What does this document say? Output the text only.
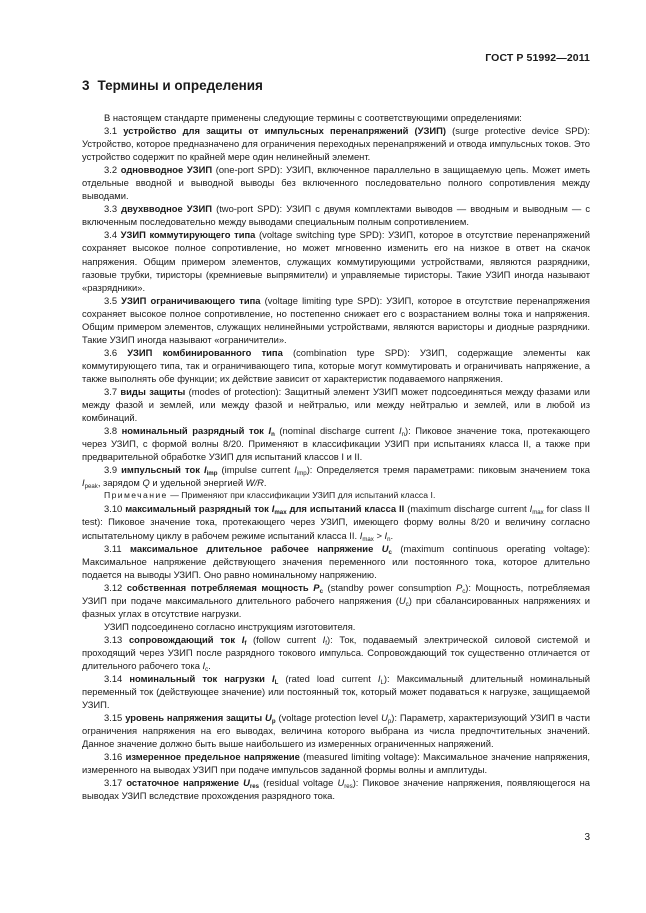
ГОСТ Р 51992—2011
3 Термины и определения

В настоящем стандарте применены следующие термины с соответствующими определениями:

3.1 устройство для защиты от импульсных перенапряжений (УЗИП) (surge protective device SPD): Устройство, которое предназначено для ограничения переходных перенапряжений и отвода импульсных токов. Это устройство содержит по крайней мере один нелинейный элемент.

3.2 одновводное УЗИП (one-port SPD): УЗИП, включенное параллельно в защищаемую цепь. Может иметь отдельные вводной и выводной выводы без включенного последовательно полного сопротивления между выводами.

3.3 двухвводное УЗИП (two-port SPD): УЗИП с двумя комплектами выводов — вводным и выводным — с включенным последовательно между выводами специальным полным сопротивлением.

3.4 УЗИП коммутирующего типа (voltage switching type SPD): УЗИП, которое в отсутствие перенапряжений сохраняет высокое полное сопротивление, но может мгновенно изменить его на низкое в ответ на скачок напряжения. Общим примером элементов, служащих коммутирующими устройствами, являются разрядники, газовые трубки, тиристоры (кремниевые выпрямители) и управляемые тиристоры. Такие УЗИП иногда называют «разрядники».

3.5 УЗИП ограничивающего типа (voltage limiting type SPD): УЗИП, которое в отсутствие перенапряжения сохраняет высокое полное сопротивление, но постепенно снижает его с возрастанием волны тока и напряжения. Общим примером элементов, служащих нелинейными устройствами, являются варисторы и диодные разрядники. Такие УЗИП иногда называют «ограничители».

3.6 УЗИП комбинированного типа (combination type SPD): УЗИП, содержащие элементы как коммутирующего типа, так и ограничивающего типа, которые могут коммутировать и ограничивать напряжение, а также выполнять обе функции; их действие зависит от характеристик подаваемого напряжения.

3.7 виды защиты (modes of protection): Защитный элемент УЗИП может подсоединяться между фазами или между фазой и землей, или между фазой и нейтралью, или между нейтралью и землей, или в любой из комбинаций.

3.8 номинальный разрядный ток $I_n$ (nominal discharge current $I_n$): Пиковое значение тока, протекающего через УЗИП, с формой волны 8/20. Применяют в классификации УЗИП при испытаниях класса II, а также при предварительной обработке УЗИП для испытаний классов I и II.

3.9 импульсный ток $I_{imp}$ (impulse current $I_{imp}$): Определяется тремя параметрами: пиковым значением тока $I_{peak}$, зарядом Q и удельной энергией W/R.

Примечание — Применяют при классификации УЗИП для испытаний класса I.

3.10 максимальный разрядный ток $I_{max}$ для испытаний класса II (maximum discharge current $I_{max}$ for class II test): Пиковое значение тока, протекающего через УЗИП, имеющего форму волны 8/20 и величину согласно испытательному циклу в рабочем режиме испытаний класса II. $I_{max} > I_n$.

3.11 максимальное длительное рабочее напряжение $U_c$ (maximum continuous operating voltage): Максимальное напряжение действующего значения переменного или постоянного тока, которое длительно подается на выводы УЗИП. Оно равно номинальному напряжению.

3.12 собственная потребляемая мощность $P_c$ (standby power consumption $P_c$): Мощность, потребляемая УЗИП при подаче максимального длительного рабочего напряжения $(U_c)$ при сбалансированных напряжениях и фазных углах в отсутствие нагрузки.

УЗИП подсоединено согласно инструкциям изготовителя.

3.13 сопровождающий ток $I_f$ (follow current $I_f$): Ток, подаваемый электрической силовой системой и проходящий через УЗИП после разрядного токового импульса. Сопровождающий ток существенно отличается от длительного рабочего тока $I_c$.

3.14 номинальный ток нагрузки $I_L$ (rated load current $I_L$): Максимальный длительный номинальный переменный ток (действующее значение) или постоянный ток, который может подаваться к нагрузке, защищаемой УЗИП.

3.15 уровень напряжения защиты $U_p$ (voltage protection level $U_p$): Параметр, характеризующий УЗИП в части ограничения напряжения на его выводах, величина которого выбрана из числа предпочтительных значений. Данное значение должно быть выше наибольшего из измеренных ограниченных напряжений.

3.16 измеренное предельное напряжение (measured limiting voltage): Максимальное значение напряжения, измеренного на выводах УЗИП при подаче импульсов заданной формы волны и амплитуды.

3.17 остаточное напряжение $U_{res}$ (residual voltage $U_{res}$): Пиковое значение напряжения, появляющегося на выводах УЗИП вследствие прохождения разрядного тока.

3
